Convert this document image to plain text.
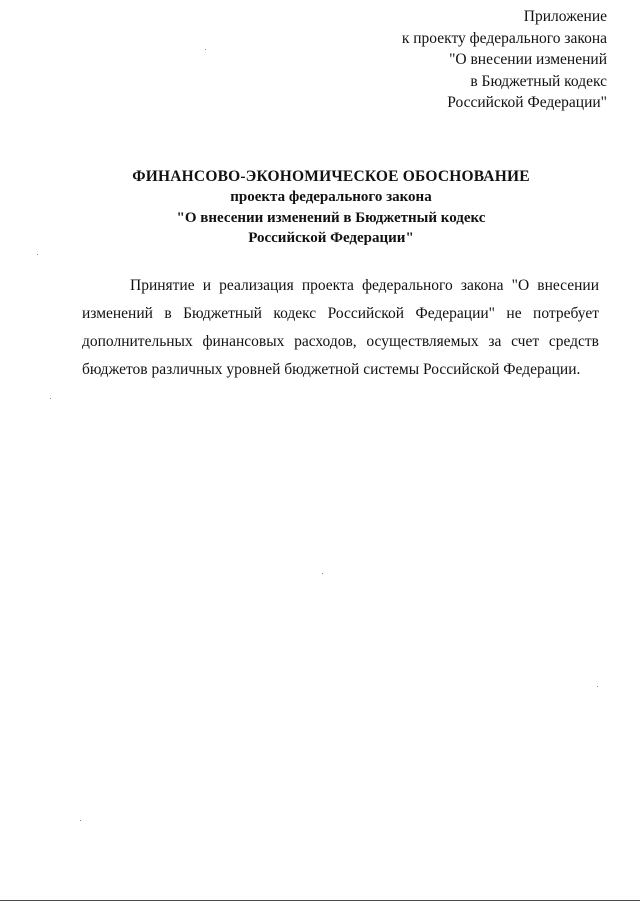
Приложение
к проекту федерального закона
"О внесении изменений
в Бюджетный кодекс
Российской Федерации"
ФИНАНСОВО-ЭКОНОМИЧЕСКОЕ ОБОСНОВАНИЕ
проекта федерального закона
"О внесении изменений в Бюджетный кодекс
Российской Федерации"

Принятие и реализация проекта федерального закона "О внесении изменений в Бюджетный кодекс Российской Федерации" не потребует дополнительных финансовых расходов, осуществляемых за счет средств бюджетов различных уровней бюджетной системы Российской Федерации.
